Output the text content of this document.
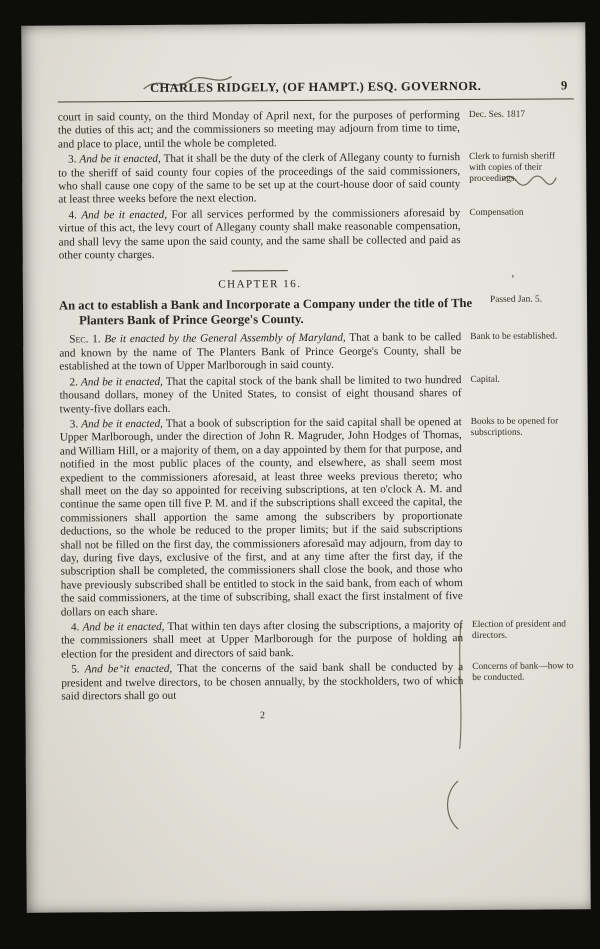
CHARLES RIDGELY, (OF HAMPT.) ESQ. GOVERNOR.	9
court in said county, on the third Monday of April next, for the purposes of performing the duties of this act; and the commissioners so meeting may adjourn from time to time, and place to place, until the whole be completed.
Dec. Ses. 1817
3. And be it enacted, That it shall be the duty of the clerk of Allegany county to furnish to the sheriff of said county four copies of the proceedings of the said commissioners, who shall cause one copy of the same to be set up at the court-house door of said county at least three weeks before the next election.
Clerk to furnish sheriff with copies of their proceedings.
4. And be it enacted, For all services performed by the commissioners aforesaid by virtue of this act, the levy court of Allegany county shall make reasonable compensation, and shall levy the same upon the said county, and the same shall be collected and paid as other county charges.
Compensation
CHAPTER 16.
An act to establish a Bank and Incorporate a Company under the title of The Planters Bank of Prince George's County.
Passed Jan. 5.
Sec. 1. Be it enacted by the General Assembly of Maryland, That a bank to be called and known by the name of The Planters Bank of Prince George's County, shall be established at the town of Upper Marlborough in said county.
Bank to be established.
2. And be it enacted, That the capital stock of the bank shall be limited to two hundred thousand dollars, money of the United States, to consist of eight thousand shares of twenty-five dollars each.
Capital.
3. And be it enacted, That a book of subscription for the said capital shall be opened at Upper Marlborough, under the direction of John R. Magruder, John Hodges of Thomas, and William Hill, or a majority of them, on a day appointed by them for that purpose, and notified in the most public places of the county, and elsewhere, as shall seem most expedient to the commissioners aforesaid, at least three weeks previous thereto; who shall meet on the day so appointed for receiving subscriptions, at ten o'clock A. M. and continue the same open till five P. M. and if the subscriptions shall exceed the capital, the commissioners shall apportion the same among the subscribers by proportionate deductions, so the whole be reduced to the proper limits; but if the said subscriptions shall not be filled on the first day, the commissioners aforesaid may adjourn, from day to day, during five days, exclusive of the first, and at any time after the first day, if the subscription shall be completed, the commissioners shall close the book, and those who have previously subscribed shall be entitled to stock in the said bank, from each of whom the said commissioners, at the time of subscribing, shall exact the first instalment of five dollars on each share.
Books to be opened for subscriptions.
4. And be it enacted, That within ten days after closing the subscriptions, a majority of the commissioners shall meet at Upper Marlborough for the purpose of holding an election for the president and directors of said bank.
Election of president and directors.
5. And be it enacted, That the concerns of the said bank shall be conducted by a president and twelve directors, to be chosen annually, by the stockholders, two of which said directors shall go out
Concerns of bank—how to be conducted.
2
